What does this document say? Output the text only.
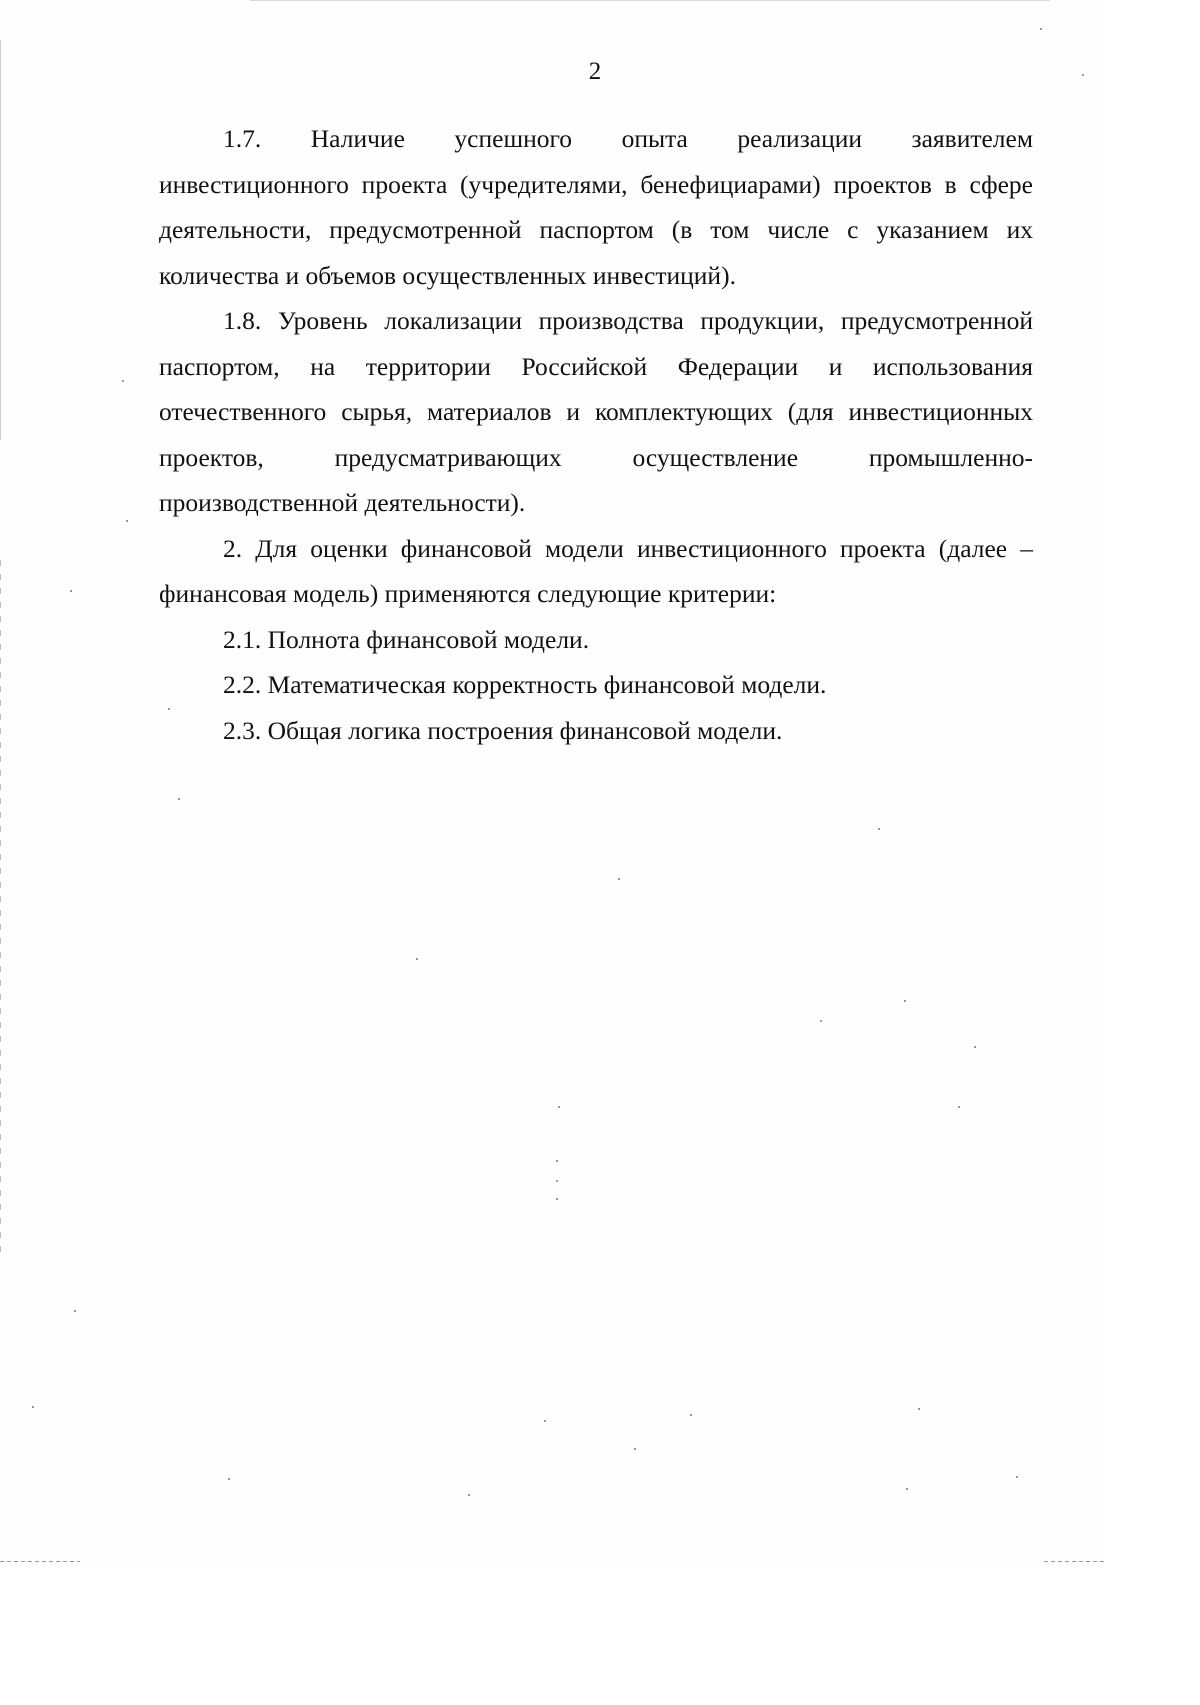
2
1.7. Наличие успешного опыта реализации заявителем
инвестиционного проекта (учредителями, бенефициарами) проектов в сфере
деятельности, предусмотренной паспортом (в том числе с указанием их
количества и объемов осуществленных инвестиций).
1.8. Уровень локализации производства продукции, предусмотренной
паспортом, на территории Российской Федерации и использования
отечественного сырья, материалов и комплектующих (для инвестиционных
проектов, предусматривающих осуществление промышленно-
производственной деятельности).
2. Для оценки финансовой модели инвестиционного проекта (далее –
финансовая модель) применяются следующие критерии:

2.1. Полнота финансовой модели.

2.2. Математическая корректность финансовой модели.

2.3. Общая логика построения финансовой модели.
